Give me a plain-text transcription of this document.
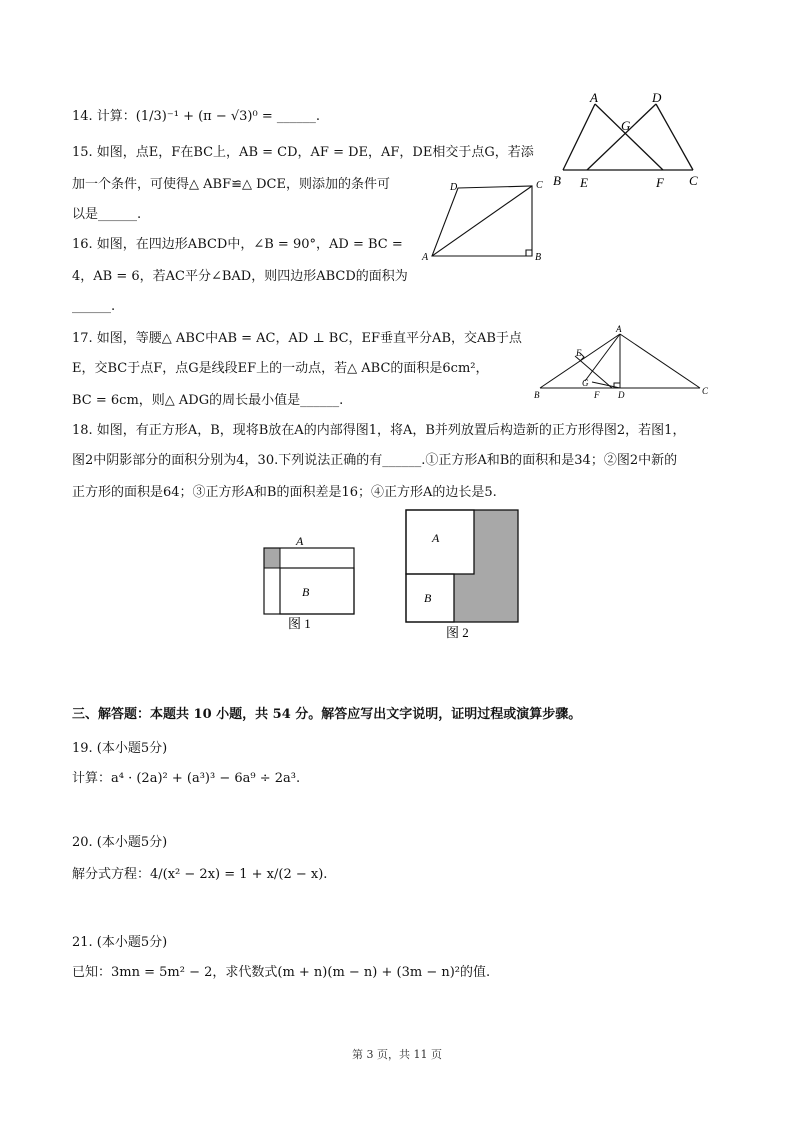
14. 计算：(1/3)⁻¹ + (π − √3)⁰ = ______.
A	D
G
B E	F C
15. 如图，点E，F在BC上，AB = CD，AF = DE，AF，DE相交于点G，若添
加一个条件，可使得△ ABF≌△ DCE，则添加的条件可
以是______.
D	C
A	B
16. 如图，在四边形ABCD中，∠B = 90°，AD = BC =
4，AB = 6，若AC平分∠BAD，则四边形ABCD的面积为
______.
A
E
G
B	F D	C
17. 如图，等腰△ ABC中AB = AC，AD ⊥ BC，EF垂直平分AB，交AB于点
E，交BC于点F，点G是线段EF上的一动点，若△ ABC的面积是6cm²，
BC = 6cm，则△ ADG的周长最小值是______.
18. 如图，有正方形A，B，现将B放在A的内部得图1，将A，B并列放置后构造新的正方形得图2，若图1，
图2中阴影部分的面积分别为4，30.下列说法正确的有______.①正方形A和B的面积和是34；②图2中新的
正方形的面积是64；③正方形A和B的面积差是16；④正方形A的边长是5.
A
B
图 1
A
B
图 2
三、解答题：本题共 10 小题，共 54 分。解答应写出文字说明，证明过程或演算步骤。
19. (本小题5分)
计算：a⁴ · (2a)² + (a³)³ − 6a⁹ ÷ 2a³.
20. (本小题5分)
解分式方程：4/(x² − 2x) = 1 + x/(2 − x).
21. (本小题5分)
已知：3mn = 5m² − 2，求代数式(m + n)(m − n) + (3m − n)²的值.
第 3 页，共 11 页
